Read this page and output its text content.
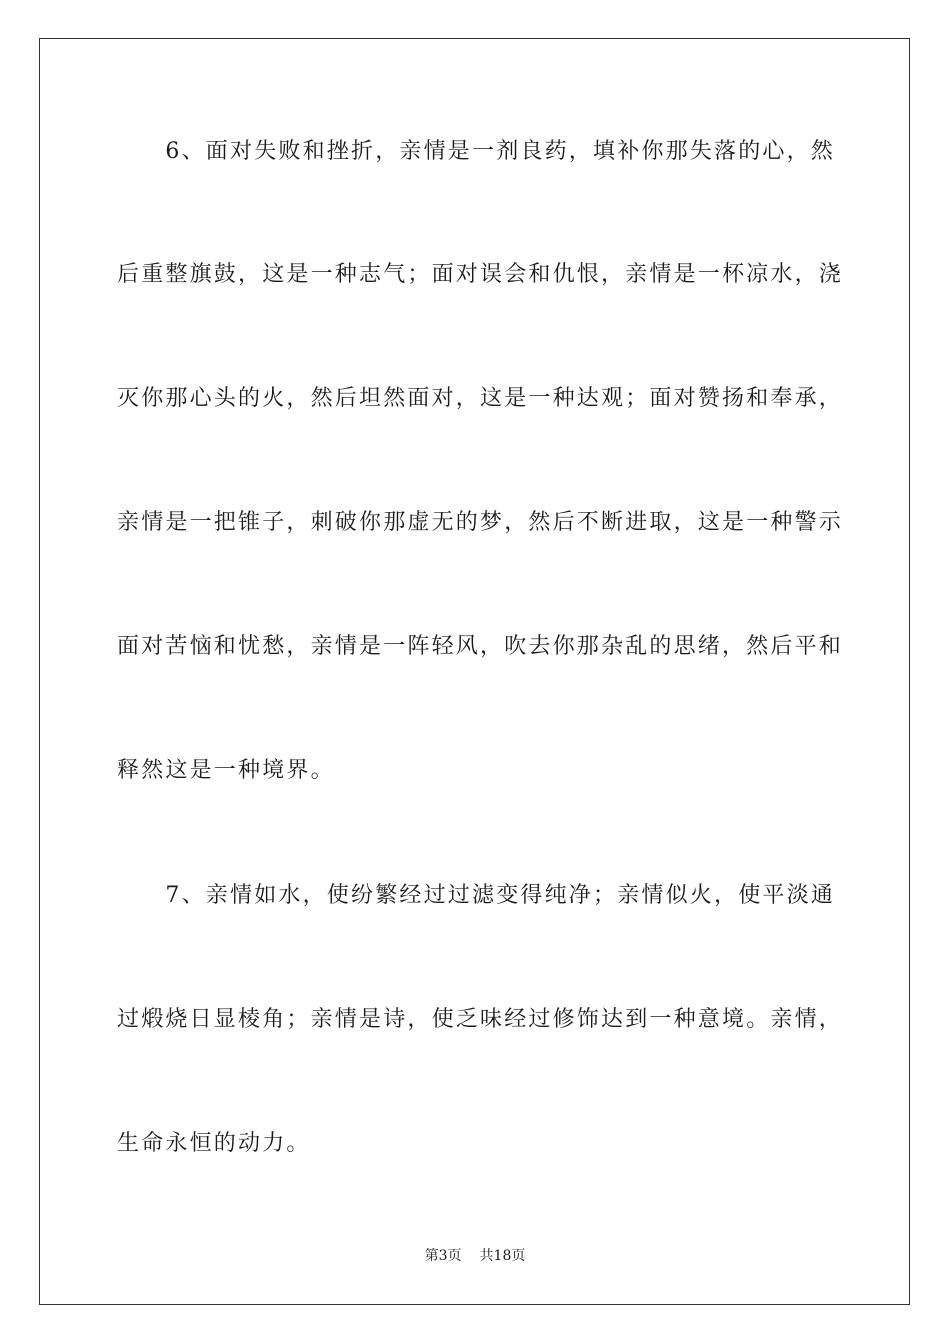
　　6、面对失败和挫折，亲情是一剂良药，填补你那失落的心，然
后重整旗鼓，这是一种志气；面对误会和仇恨，亲情是一杯凉水，浇
灭你那心头的火，然后坦然面对，这是一种达观；面对赞扬和奉承，
亲情是一把锥子，刺破你那虚无的梦，然后不断进取，这是一种警示
面对苦恼和忧愁，亲情是一阵轻风，吹去你那杂乱的思绪，然后平和
释然这是一种境界。
　　7、亲情如水，使纷繁经过过滤变得纯净；亲情似火，使平淡通
过煅烧日显棱角；亲情是诗，使乏味经过修饰达到一种意境。亲情，
生命永恒的动力。
第3页 共18页
